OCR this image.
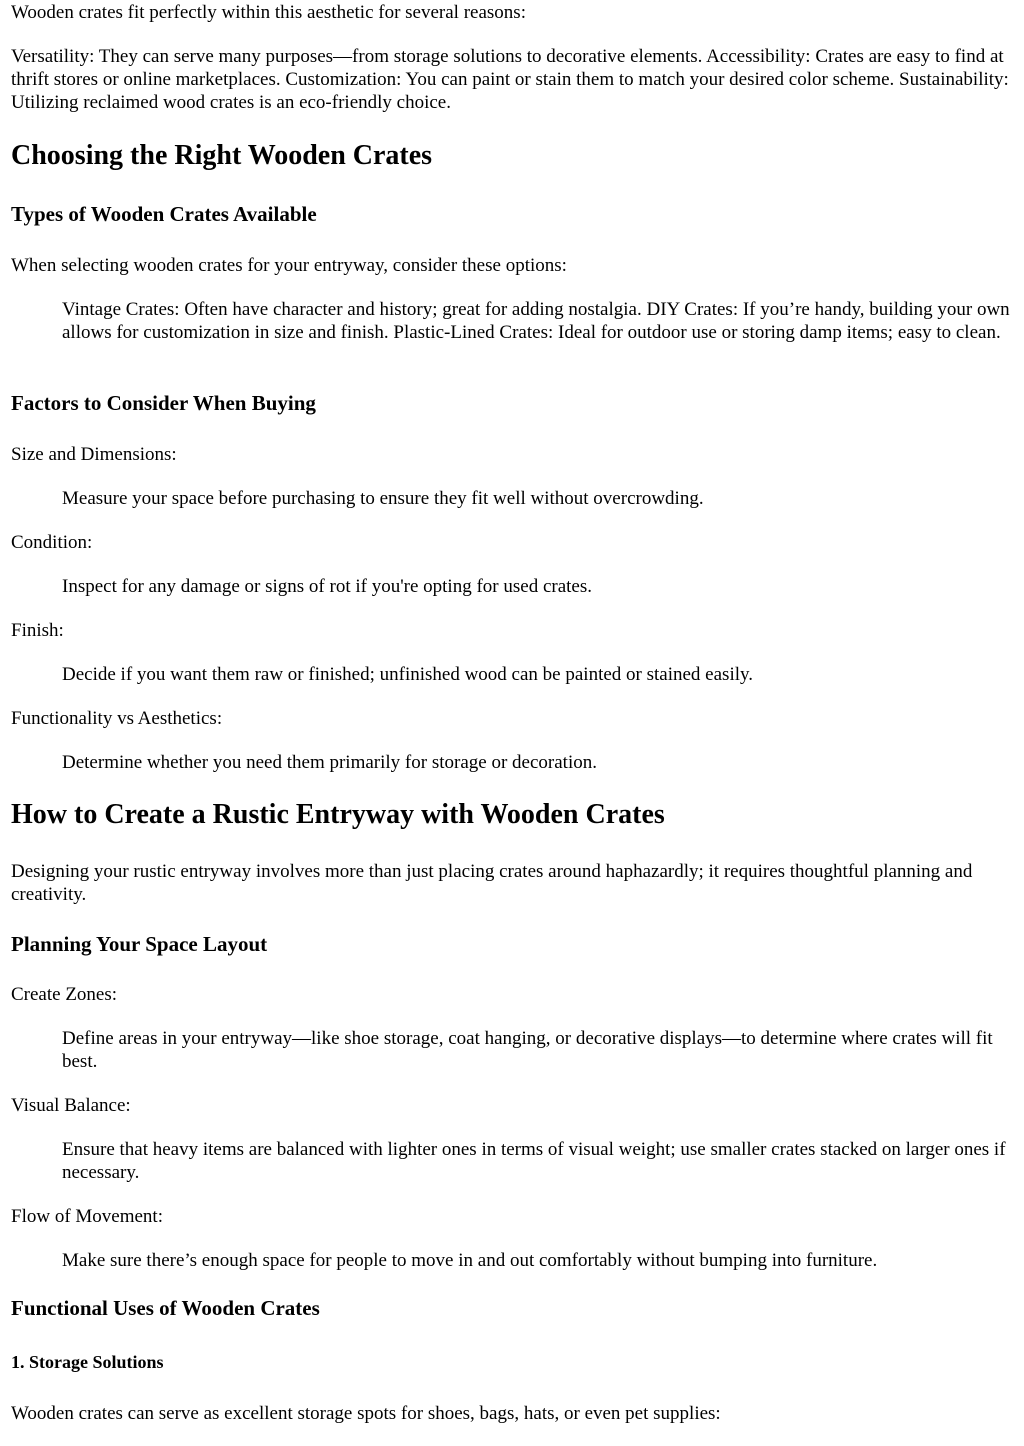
Wooden crates fit perfectly within this aesthetic for several reasons:

Versatility: They can serve many purposes—from storage solutions to decorative elements. Accessibility: Crates are easy to find at thrift stores or online marketplaces. Customization: You can paint or stain them to match your desired color scheme. Sustainability: Utilizing reclaimed wood crates is an eco-friendly choice.

Choosing the Right Wooden Crates
Types of Wooden Crates Available

When selecting wooden crates for your entryway, consider these options:

Vintage Crates: Often have character and history; great for adding nostalgia. DIY Crates: If you’re handy, building your own allows for customization in size and finish. Plastic-Lined Crates: Ideal for outdoor use or storing damp items; easy to clean.

Factors to Consider When Buying

Size and Dimensions:

Measure your space before purchasing to ensure they fit well without overcrowding.

Condition:

Inspect for any damage or signs of rot if you're opting for used crates.

Finish:

Decide if you want them raw or finished; unfinished wood can be painted or stained easily.

Functionality vs Aesthetics:

Determine whether you need them primarily for storage or decoration.

How to Create a Rustic Entryway with Wooden Crates

Designing your rustic entryway involves more than just placing crates around haphazardly; it requires thoughtful planning and creativity.

Planning Your Space Layout

Create Zones:

Define areas in your entryway—like shoe storage, coat hanging, or decorative displays—to determine where crates will fit best.

Visual Balance:

Ensure that heavy items are balanced with lighter ones in terms of visual weight; use smaller crates stacked on larger ones if necessary.

Flow of Movement:

Make sure there’s enough space for people to move in and out comfortably without bumping into furniture.

Functional Uses of Wooden Crates
1. Storage Solutions

Wooden crates can serve as excellent storage spots for shoes, bags, hats, or even pet supplies:
